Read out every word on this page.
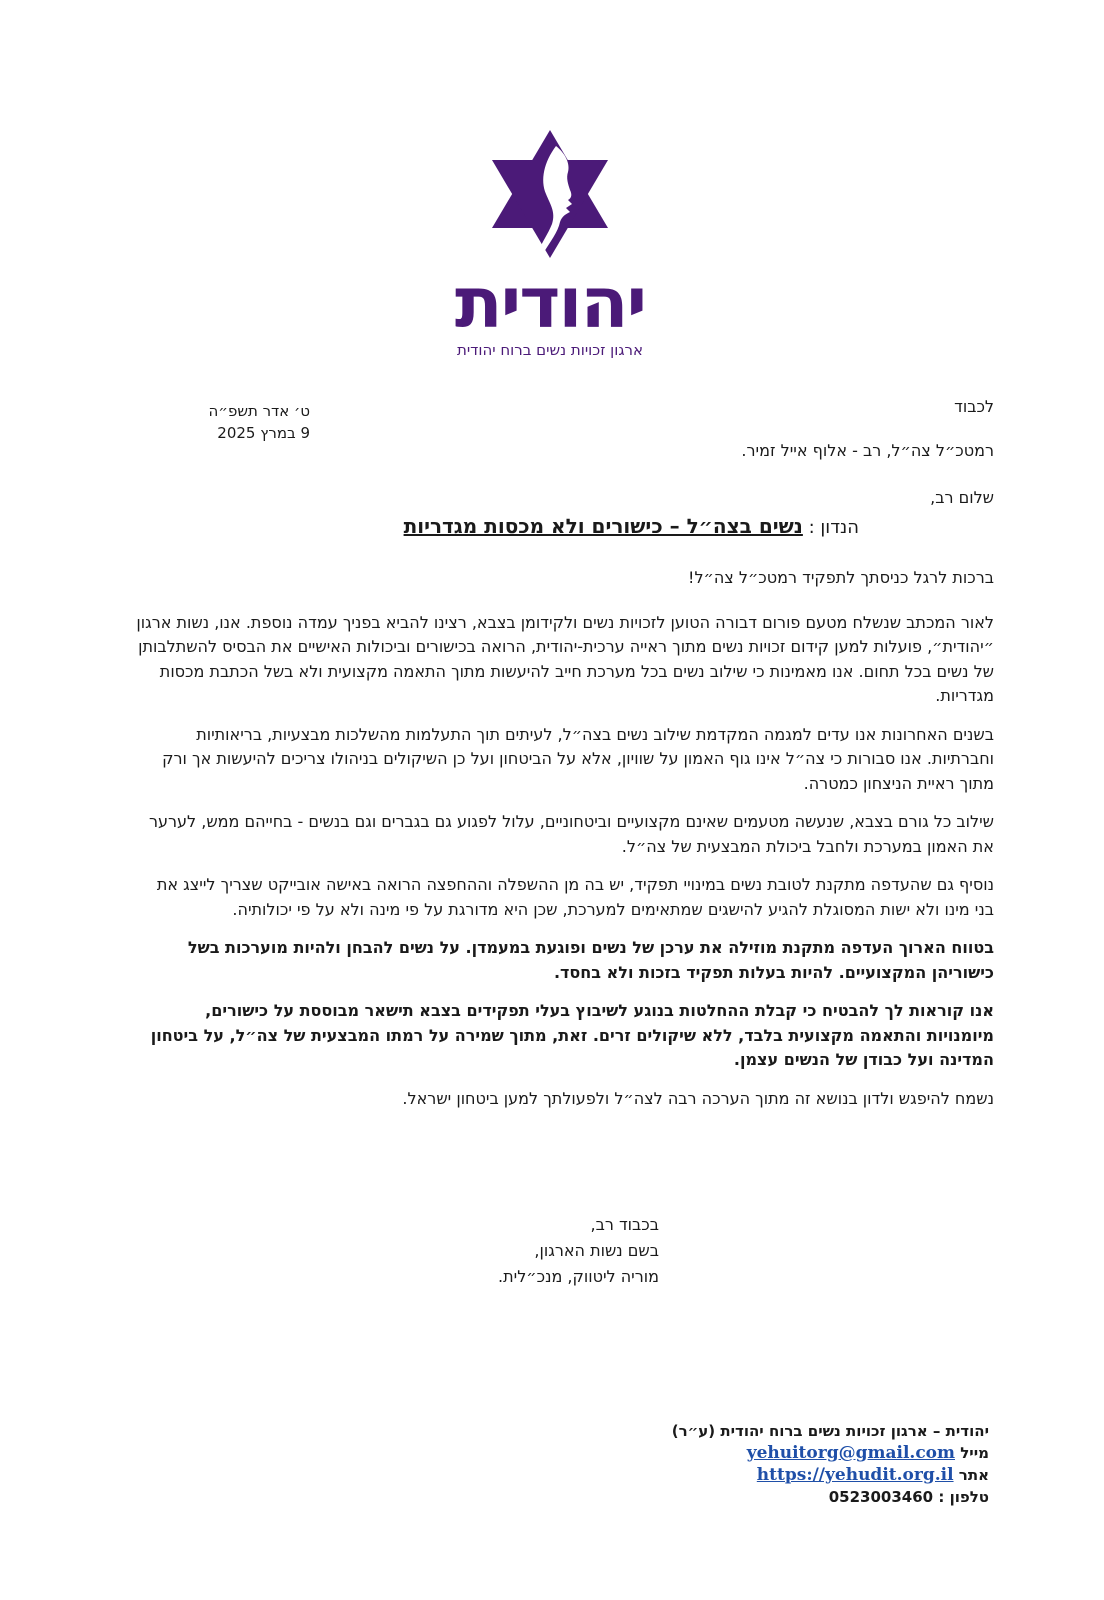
יהודית
ארגון זכויות נשים ברוח יהודית
לכבוד
רמטכ״ל צה״ל, רב - אלוף אייל זמיר.
ט׳ אדר תשפ״ה
9 במרץ 2025
שלום רב,
הנדון : נשים בצה״ל – כישורים ולא מכסות מגדריות

ברכות לרגל כניסתך לתפקיד רמטכ״ל צה״ל!

לאור המכתב שנשלח מטעם פורום דבורה הטוען לזכויות נשים ולקידומן בצבא, רצינו להביא בפניך עמדה נוספת. אנו, נשות ארגון ״יהודית״, פועלות למען קידום זכויות נשים מתוך ראייה ערכית-יהודית, הרואה בכישורים וביכולות האישיים את הבסיס להשתלבותן של נשים בכל תחום. אנו מאמינות כי שילוב נשים בכל מערכת חייב להיעשות מתוך התאמה מקצועית ולא בשל הכתבת מכסות מגדריות.

בשנים האחרונות אנו עדים למגמה המקדמת שילוב נשים בצה״ל, לעיתים תוך התעלמות מהשלכות מבצעיות, בריאותיות וחברתיות. אנו סבורות כי צה״ל אינו גוף האמון על שוויון, אלא על הביטחון ועל כן השיקולים בניהולו צריכים להיעשות אך ורק מתוך ראיית הניצחון כמטרה.

שילוב כל גורם בצבא, שנעשה מטעמים שאינם מקצועיים וביטחוניים, עלול לפגוע גם בגברים וגם בנשים - בחייהם ממש, לערער את האמון במערכת ולחבל ביכולת המבצעית של צה״ל.

נוסיף גם שהעדפה מתקנת לטובת נשים במינויי תפקיד, יש בה מן ההשפלה וההחפצה הרואה באישה אובייקט שצריך לייצג את בני מינו ולא ישות המסוגלת להגיע להישגים שמתאימים למערכת, שכן היא מדורגת על פי מינה ולא על פי יכולותיה.

בטווח הארוך העדפה מתקנת מוזילה את ערכן של נשים ופוגעת במעמדן. על נשים להבחן ולהיות מוערכות בשל כישוריהן המקצועיים. להיות בעלות תפקיד בזכות ולא בחסד.

אנו קוראות לך להבטיח כי קבלת ההחלטות בנוגע לשיבוץ בעלי תפקידים בצבא תישאר מבוססת על כישורים, מיומנויות והתאמה מקצועית בלבד, ללא שיקולים זרים. זאת, מתוך שמירה על רמתו המבצעית של צה״ל, על ביטחון המדינה ועל כבודן של הנשים עצמן.

נשמח להיפגש ולדון בנושא זה מתוך הערכה רבה לצה״ל ולפעולתך למען ביטחון ישראל.

בכבוד רב,
בשם נשות הארגון,
מוריה ליטווק, מנכ״לית.
יהודית – ארגון זכויות נשים ברוח יהודית (ע״ר)
מייל yehuitorg@gmail.com
אתר https://yehudit.org.il
טלפון : 0523003460
